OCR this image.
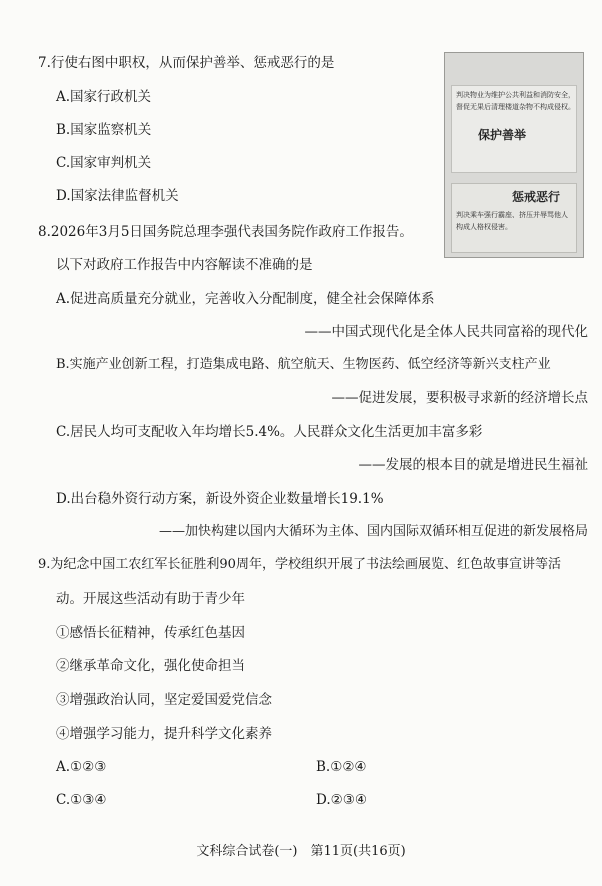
7.行使右图中职权，从而保护善举、惩戒恶行的是
A.国家行政机关
B.国家监察机关
C.国家审判机关
D.国家法律监督机关
判决物业为维护公共利益和消防安全，
督促无果后清理楼道杂物不构成侵权。
保护善举
惩戒恶行
判决乘车强行霸座、挤压并辱骂他人
构成人格权侵害。
8.2026年3月5日国务院总理李强代表国务院作政府工作报告。
以下对政府工作报告中内容解读不准确的是
A.促进高质量充分就业，完善收入分配制度，健全社会保障体系
——中国式现代化是全体人民共同富裕的现代化
B.实施产业创新工程，打造集成电路、航空航天、生物医药、低空经济等新兴支柱产业
——促进发展，要积极寻求新的经济增长点
C.居民人均可支配收入年均增长5.4%。人民群众文化生活更加丰富多彩
——发展的根本目的就是增进民生福祉
D.出台稳外资行动方案，新设外资企业数量增长19.1%
——加快构建以国内大循环为主体、国内国际双循环相互促进的新发展格局
9.为纪念中国工农红军长征胜利90周年，学校组织开展了书法绘画展览、红色故事宣讲等活
动。开展这些活动有助于青少年
①感悟长征精神，传承红色基因
②继承革命文化，强化使命担当
③增强政治认同，坚定爱国爱党信念
④增强学习能力，提升科学文化素养
A.①②③	B.①②④
C.①③④	D.②③④
文科综合试卷(一)　第11页(共16页)
